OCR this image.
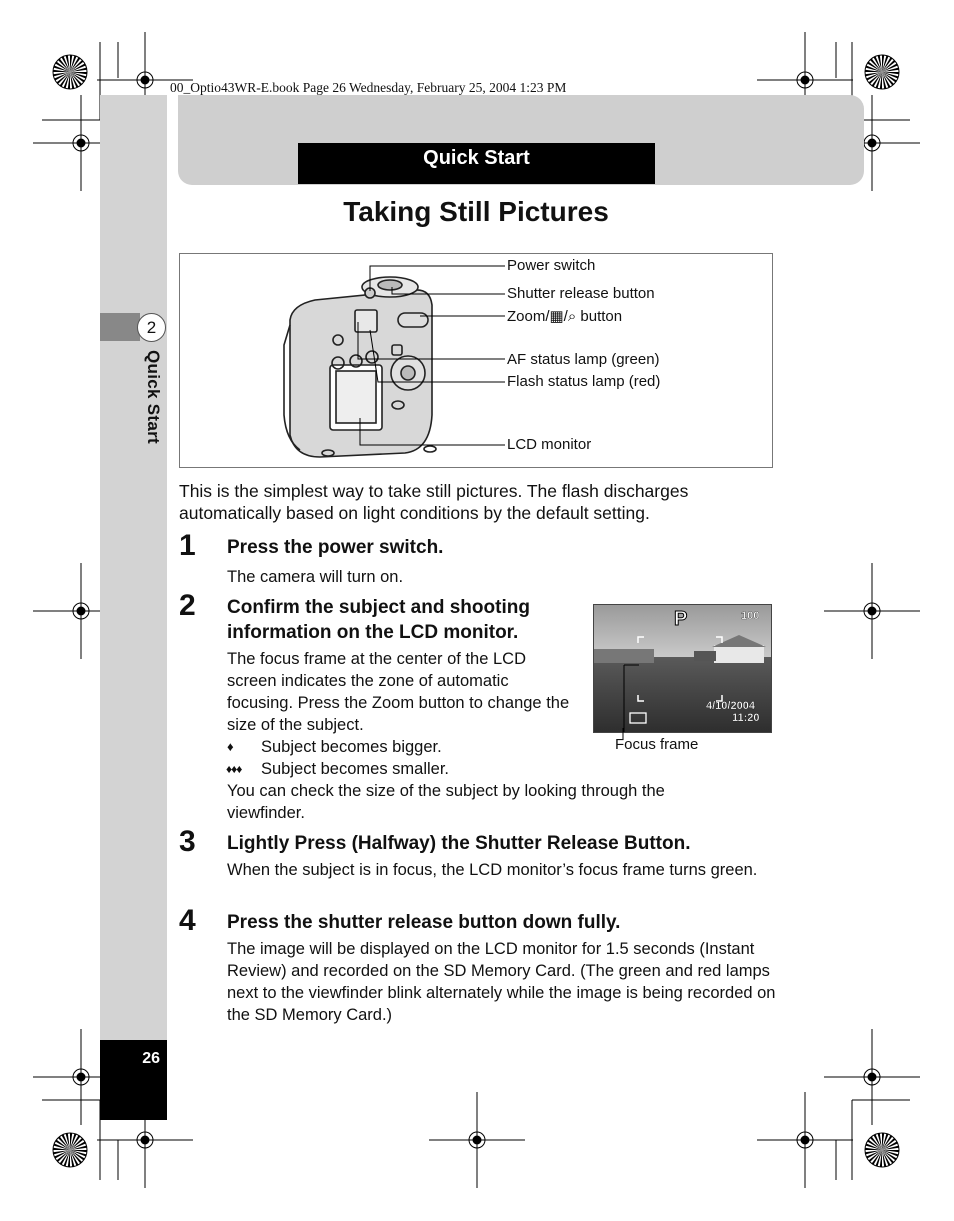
2
Quick Start
26
Quick Start
00_Optio43WR-E.book Page 26 Wednesday, February 25, 2004 1:23 PM
Taking Still Pictures
Power switch
Shutter release button
Zoom/▦/⌕ button
AF status lamp (green)
Flash status lamp (red)
LCD monitor
This is the simplest way to take still pictures. The flash discharges automatically based on light conditions by the default setting.
1 Press the power switch.
The camera will turn on.
2 Confirm the subject and shooting
information on the LCD monitor.
The focus frame at the center of the LCD screen indicates the zone of automatic focusing. Press the Zoom button to change the size of the subject.
♦ Subject becomes bigger.
♦♦♦ Subject becomes smaller.
You can check the size of the subject by looking through the viewfinder.
P	100
4/10/2004
11:20
Focus frame
3 Lightly Press (Halfway) the Shutter Release Button.
When the subject is in focus, the LCD monitor’s focus frame turns green.
4 Press the shutter release button down fully.
The image will be displayed on the LCD monitor for 1.5 seconds (Instant Review) and recorded on the SD Memory Card. (The green and red lamps next to the viewfinder blink alternately while the image is being recorded on the SD Memory Card.)
